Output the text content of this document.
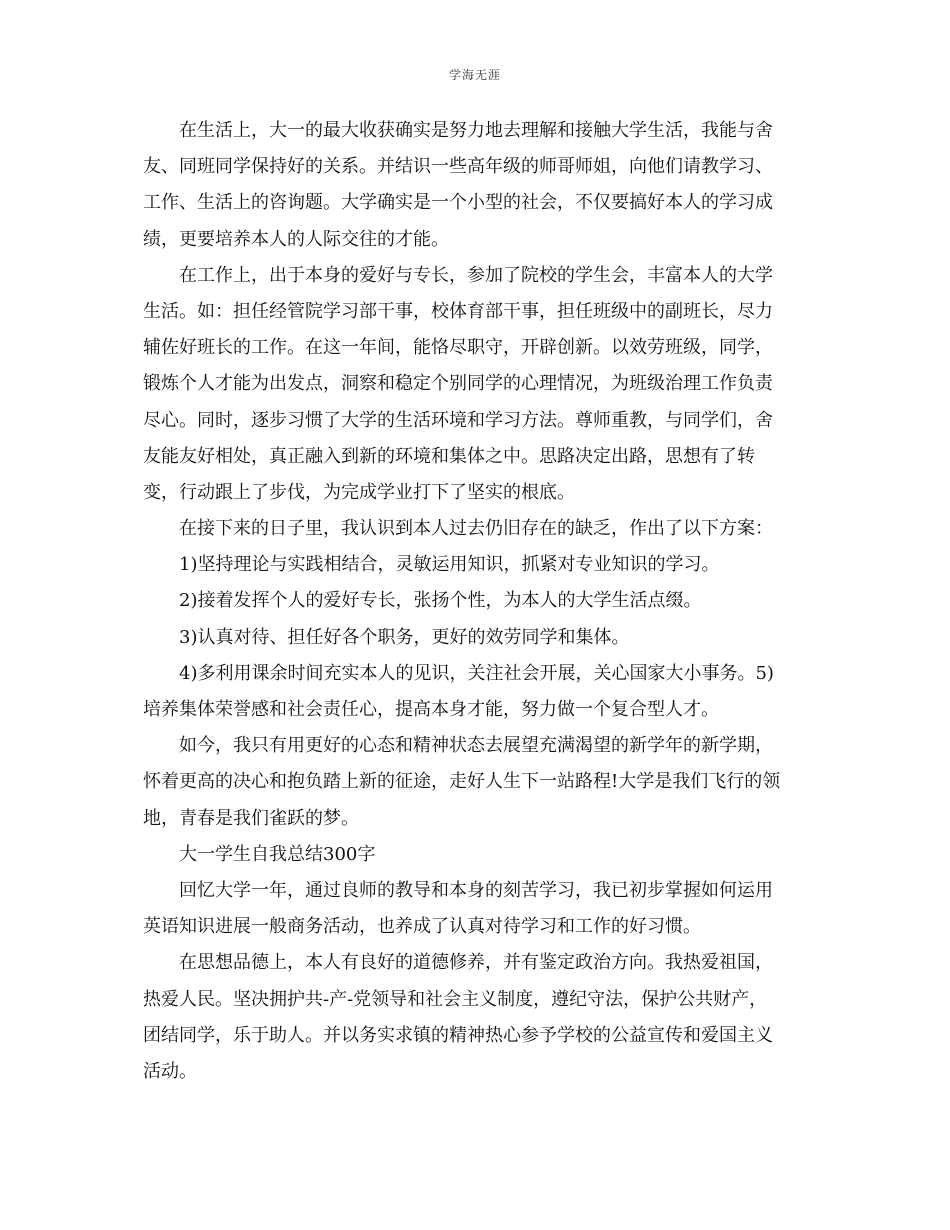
学海无涯
在生活上，大一的最大收获确实是努力地去理解和接触大学生活，我能与舍
友、同班同学保持好的关系。并结识一些高年级的师哥师姐，向他们请教学习、
工作、生活上的咨询题。大学确实是一个小型的社会，不仅要搞好本人的学习成
绩，更要培养本人的人际交往的才能。
在工作上，出于本身的爱好与专长，参加了院校的学生会，丰富本人的大学
生活。如：担任经管院学习部干事，校体育部干事，担任班级中的副班长，尽力
辅佐好班长的工作。在这一年间，能恪尽职守，开辟创新。以效劳班级，同学，
锻炼个人才能为出发点，洞察和稳定个别同学的心理情况，为班级治理工作负责
尽心。同时，逐步习惯了大学的生活环境和学习方法。尊师重教，与同学们，舍
友能友好相处，真正融入到新的环境和集体之中。思路决定出路，思想有了转
变，行动跟上了步伐，为完成学业打下了坚实的根底。
在接下来的日子里，我认识到本人过去仍旧存在的缺乏，作出了以下方案：
1)坚持理论与实践相结合，灵敏运用知识，抓紧对专业知识的学习。
2)接着发挥个人的爱好专长，张扬个性，为本人的大学生活点缀。
3)认真对待、担任好各个职务，更好的效劳同学和集体。
4)多利用课余时间充实本人的见识，关注社会开展，关心国家大小事务。5)
培养集体荣誉感和社会责任心，提高本身才能，努力做一个复合型人才。
如今，我只有用更好的心态和精神状态去展望充满渴望的新学年的新学期，
怀着更高的决心和抱负踏上新的征途，走好人生下一站路程!大学是我们飞行的领
地，青春是我们雀跃的梦。
大一学生自我总结300字
回忆大学一年，通过良师的教导和本身的刻苦学习，我已初步掌握如何运用
英语知识进展一般商务活动，也养成了认真对待学习和工作的好习惯。
在思想品德上，本人有良好的道德修养，并有鉴定政治方向。我热爱祖国，
热爱人民。坚决拥护共-产-党领导和社会主义制度，遵纪守法，保护公共财产，
团结同学，乐于助人。并以务实求镇的精神热心参予学校的公益宣传和爱国主义
活动。
